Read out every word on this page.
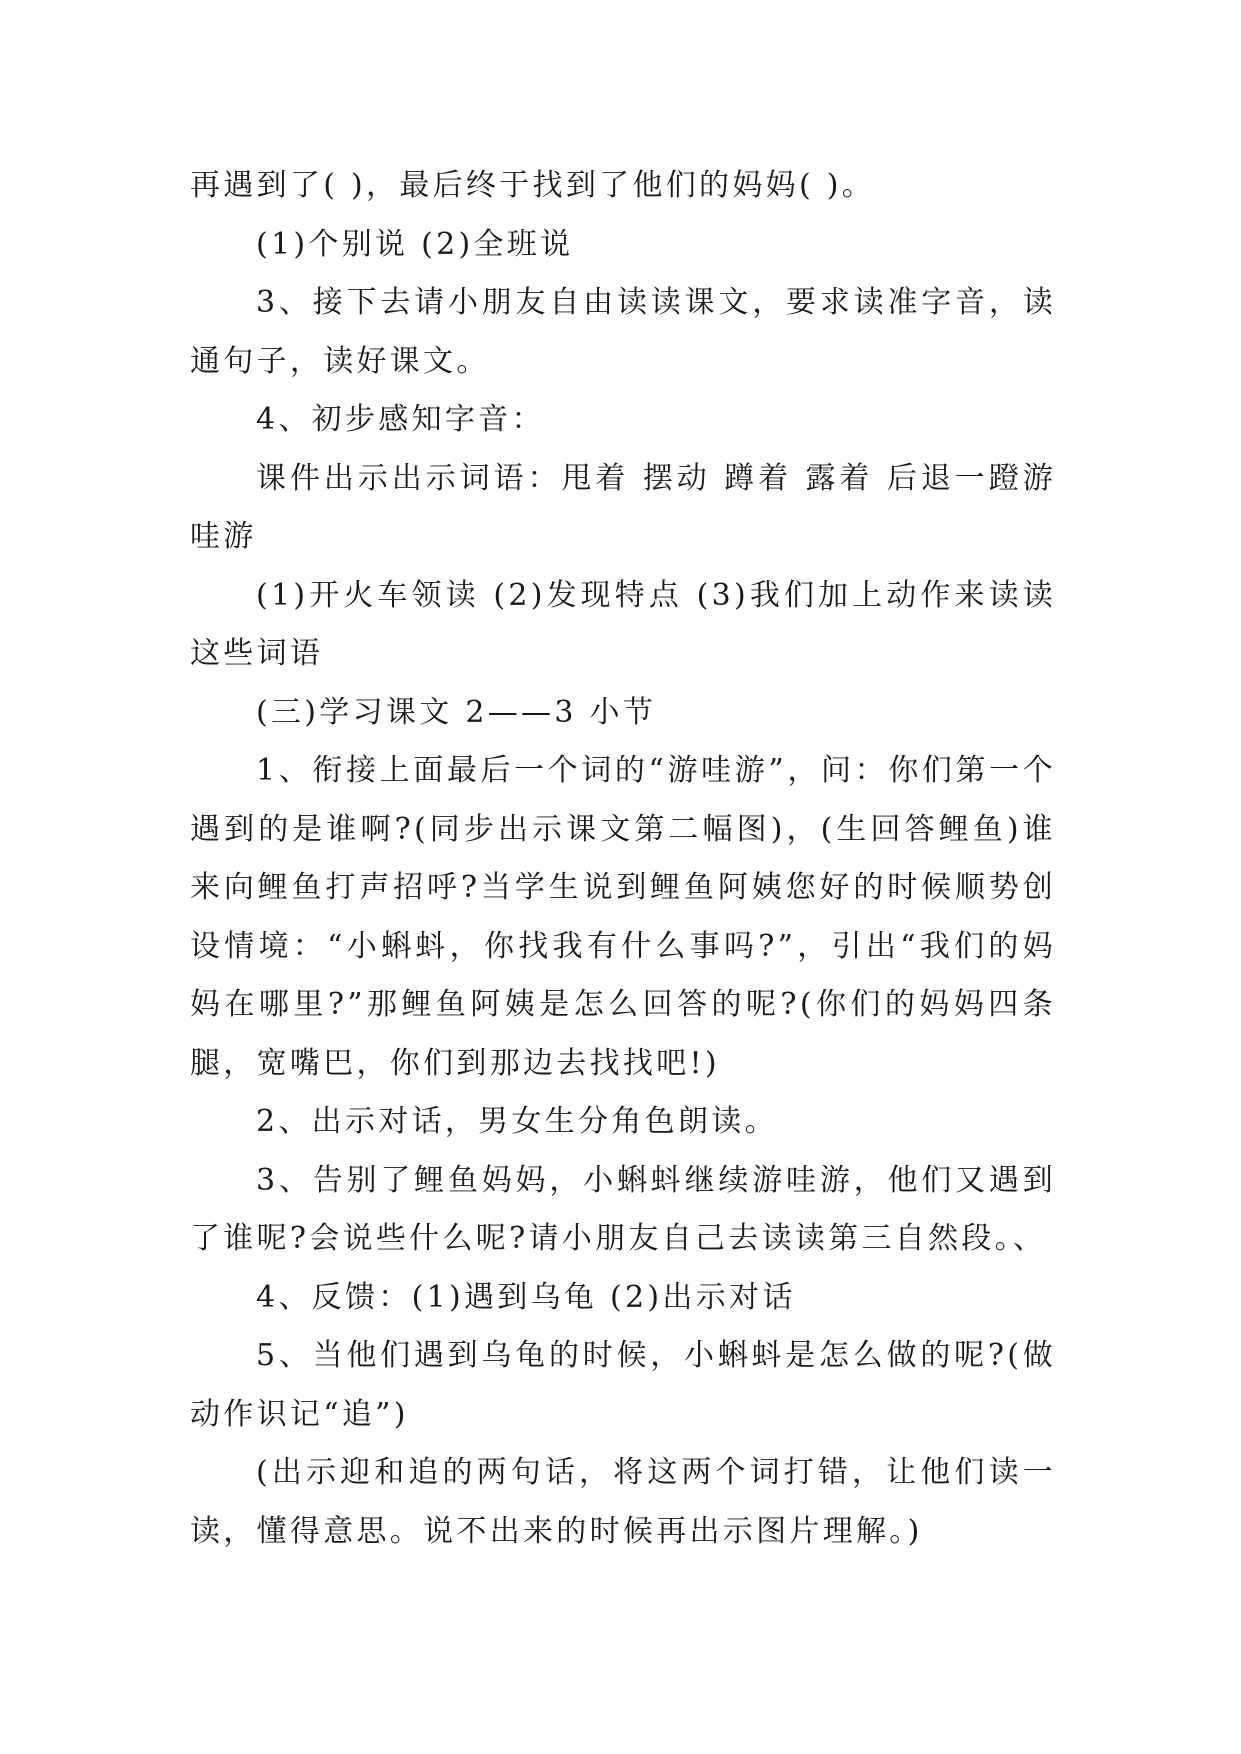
再遇到了( )，最后终于找到了他们的妈妈( )。

(1)个别说 (2)全班说

3、接下去请小朋友自由读读课文，要求读准字音，读通句子，读好课文。

4、初步感知字音：

课件出示出示词语：甩着 摆动 蹲着 露着 后退一蹬游哇游

(1)开火车领读 (2)发现特点 (3)我们加上动作来读读这些词语

(三)学习课文 2——3 小节

1、衔接上面最后一个词的“游哇游”，问：你们第一个遇到的是谁啊?(同步出示课文第二幅图)，(生回答鲤鱼)谁来向鲤鱼打声招呼?当学生说到鲤鱼阿姨您好的时候顺势创设情境：“小蝌蚪，你找我有什么事吗?”，引出“我们的妈妈在哪里?”那鲤鱼阿姨是怎么回答的呢?(你们的妈妈四条腿，宽嘴巴，你们到那边去找找吧!)

2、出示对话，男女生分角色朗读。

3、告别了鲤鱼妈妈，小蝌蚪继续游哇游，他们又遇到了谁呢?会说些什么呢?请小朋友自己去读读第三自然段。、

4、反馈：(1)遇到乌龟 (2)出示对话

5、当他们遇到乌龟的时候，小蝌蚪是怎么做的呢?(做动作识记“追”)

(出示迎和追的两句话，将这两个词打错，让他们读一读，懂得意思。说不出来的时候再出示图片理解。)
